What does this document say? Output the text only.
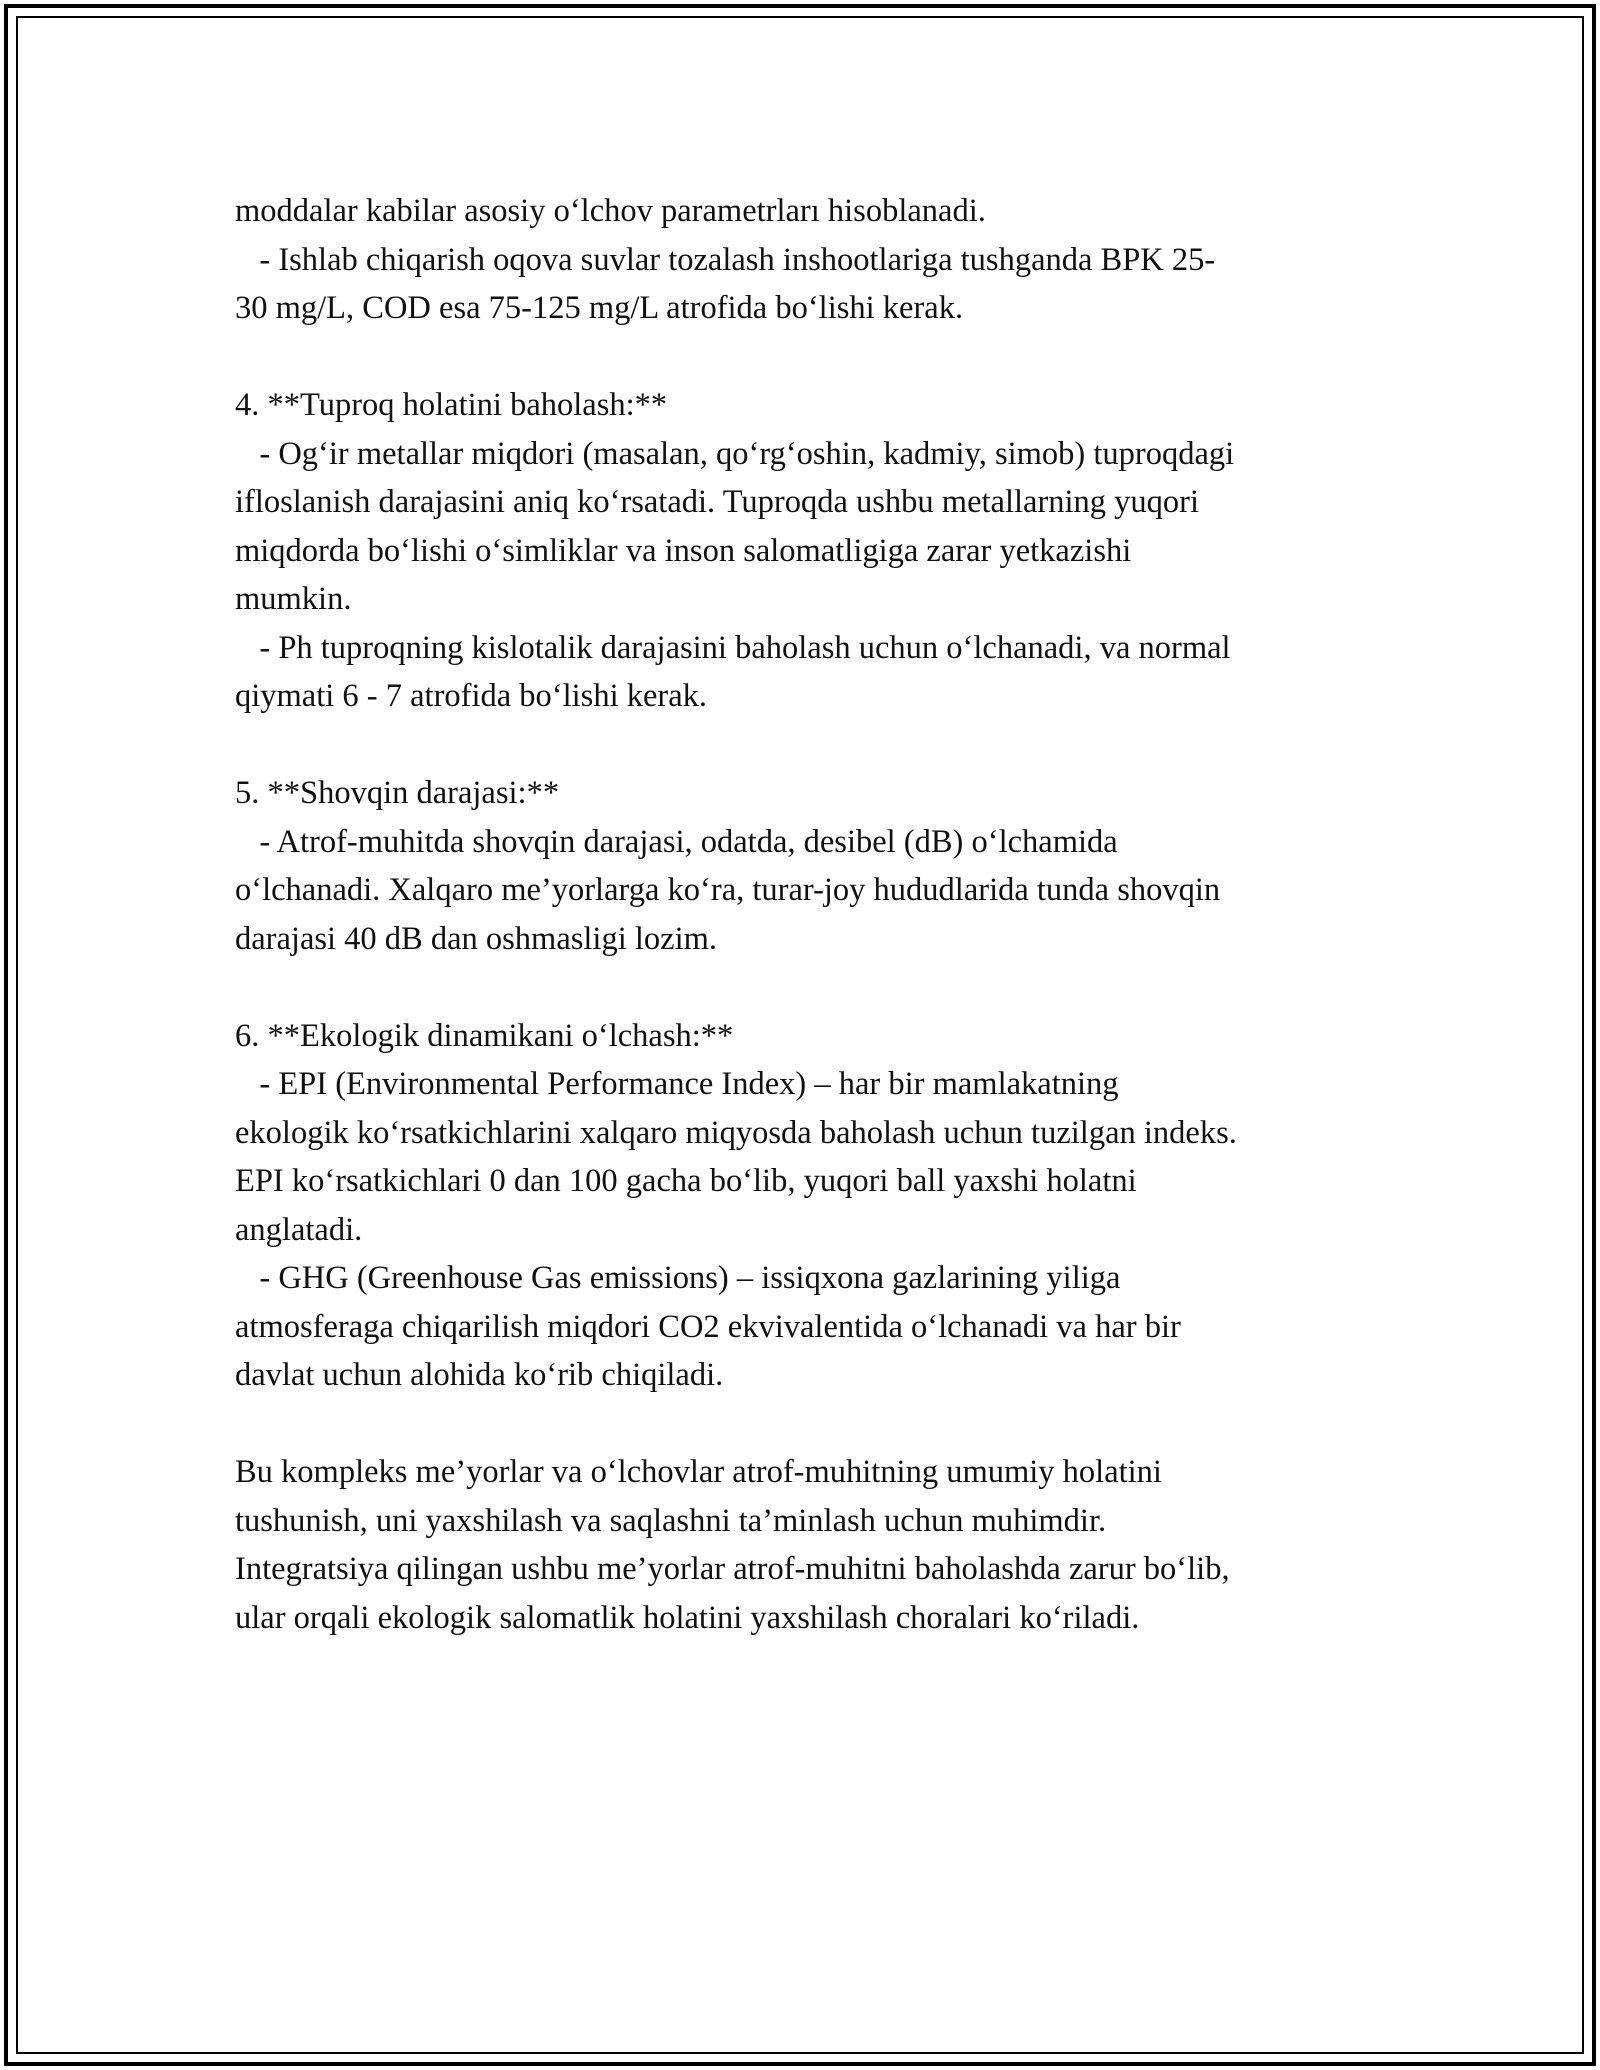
moddalar kabilar asosiy o‘lchov parametrları hisoblanadi.
- Ishlab chiqarish oqova suvlar tozalash inshootlariga tushganda BPK 25-
30 mg/L, COD esa 75-125 mg/L atrofida bo‘lishi kerak.
4. **Tuproq holatini baholash:**
- Og‘ir metallar miqdori (masalan, qo‘rg‘oshin, kadmiy, simob) tuproqdagi
ifloslanish darajasini aniq ko‘rsatadi. Tuproqda ushbu metallarning yuqori
miqdorda bo‘lishi o‘simliklar va inson salomatligiga zarar yetkazishi
mumkin.
- Ph tuproqning kislotalik darajasini baholash uchun o‘lchanadi, va normal
qiymati 6 - 7 atrofida bo‘lishi kerak.
5. **Shovqin darajasi:**
- Atrof-muhitda shovqin darajasi, odatda, desibel (dB) o‘lchamida
o‘lchanadi. Xalqaro me’yorlarga ko‘ra, turar-joy hududlarida tunda shovqin
darajasi 40 dB dan oshmasligi lozim.
6. **Ekologik dinamikani o‘lchash:**
- EPI (Environmental Performance Index) – har bir mamlakatning
ekologik ko‘rsatkichlarini xalqaro miqyosda baholash uchun tuzilgan indeks.
EPI ko‘rsatkichlari 0 dan 100 gacha bo‘lib, yuqori ball yaxshi holatni
anglatadi.
- GHG (Greenhouse Gas emissions) – issiqxona gazlarining yiliga
atmosferaga chiqarilish miqdori CO2 ekvivalentida o‘lchanadi va har bir
davlat uchun alohida ko‘rib chiqiladi.
Bu kompleks me’yorlar va o‘lchovlar atrof-muhitning umumiy holatini
tushunish, uni yaxshilash va saqlashni ta’minlash uchun muhimdir.
Integratsiya qilingan ushbu me’yorlar atrof-muhitni baholashda zarur bo‘lib,
ular orqali ekologik salomatlik holatini yaxshilash choralari ko‘riladi.
